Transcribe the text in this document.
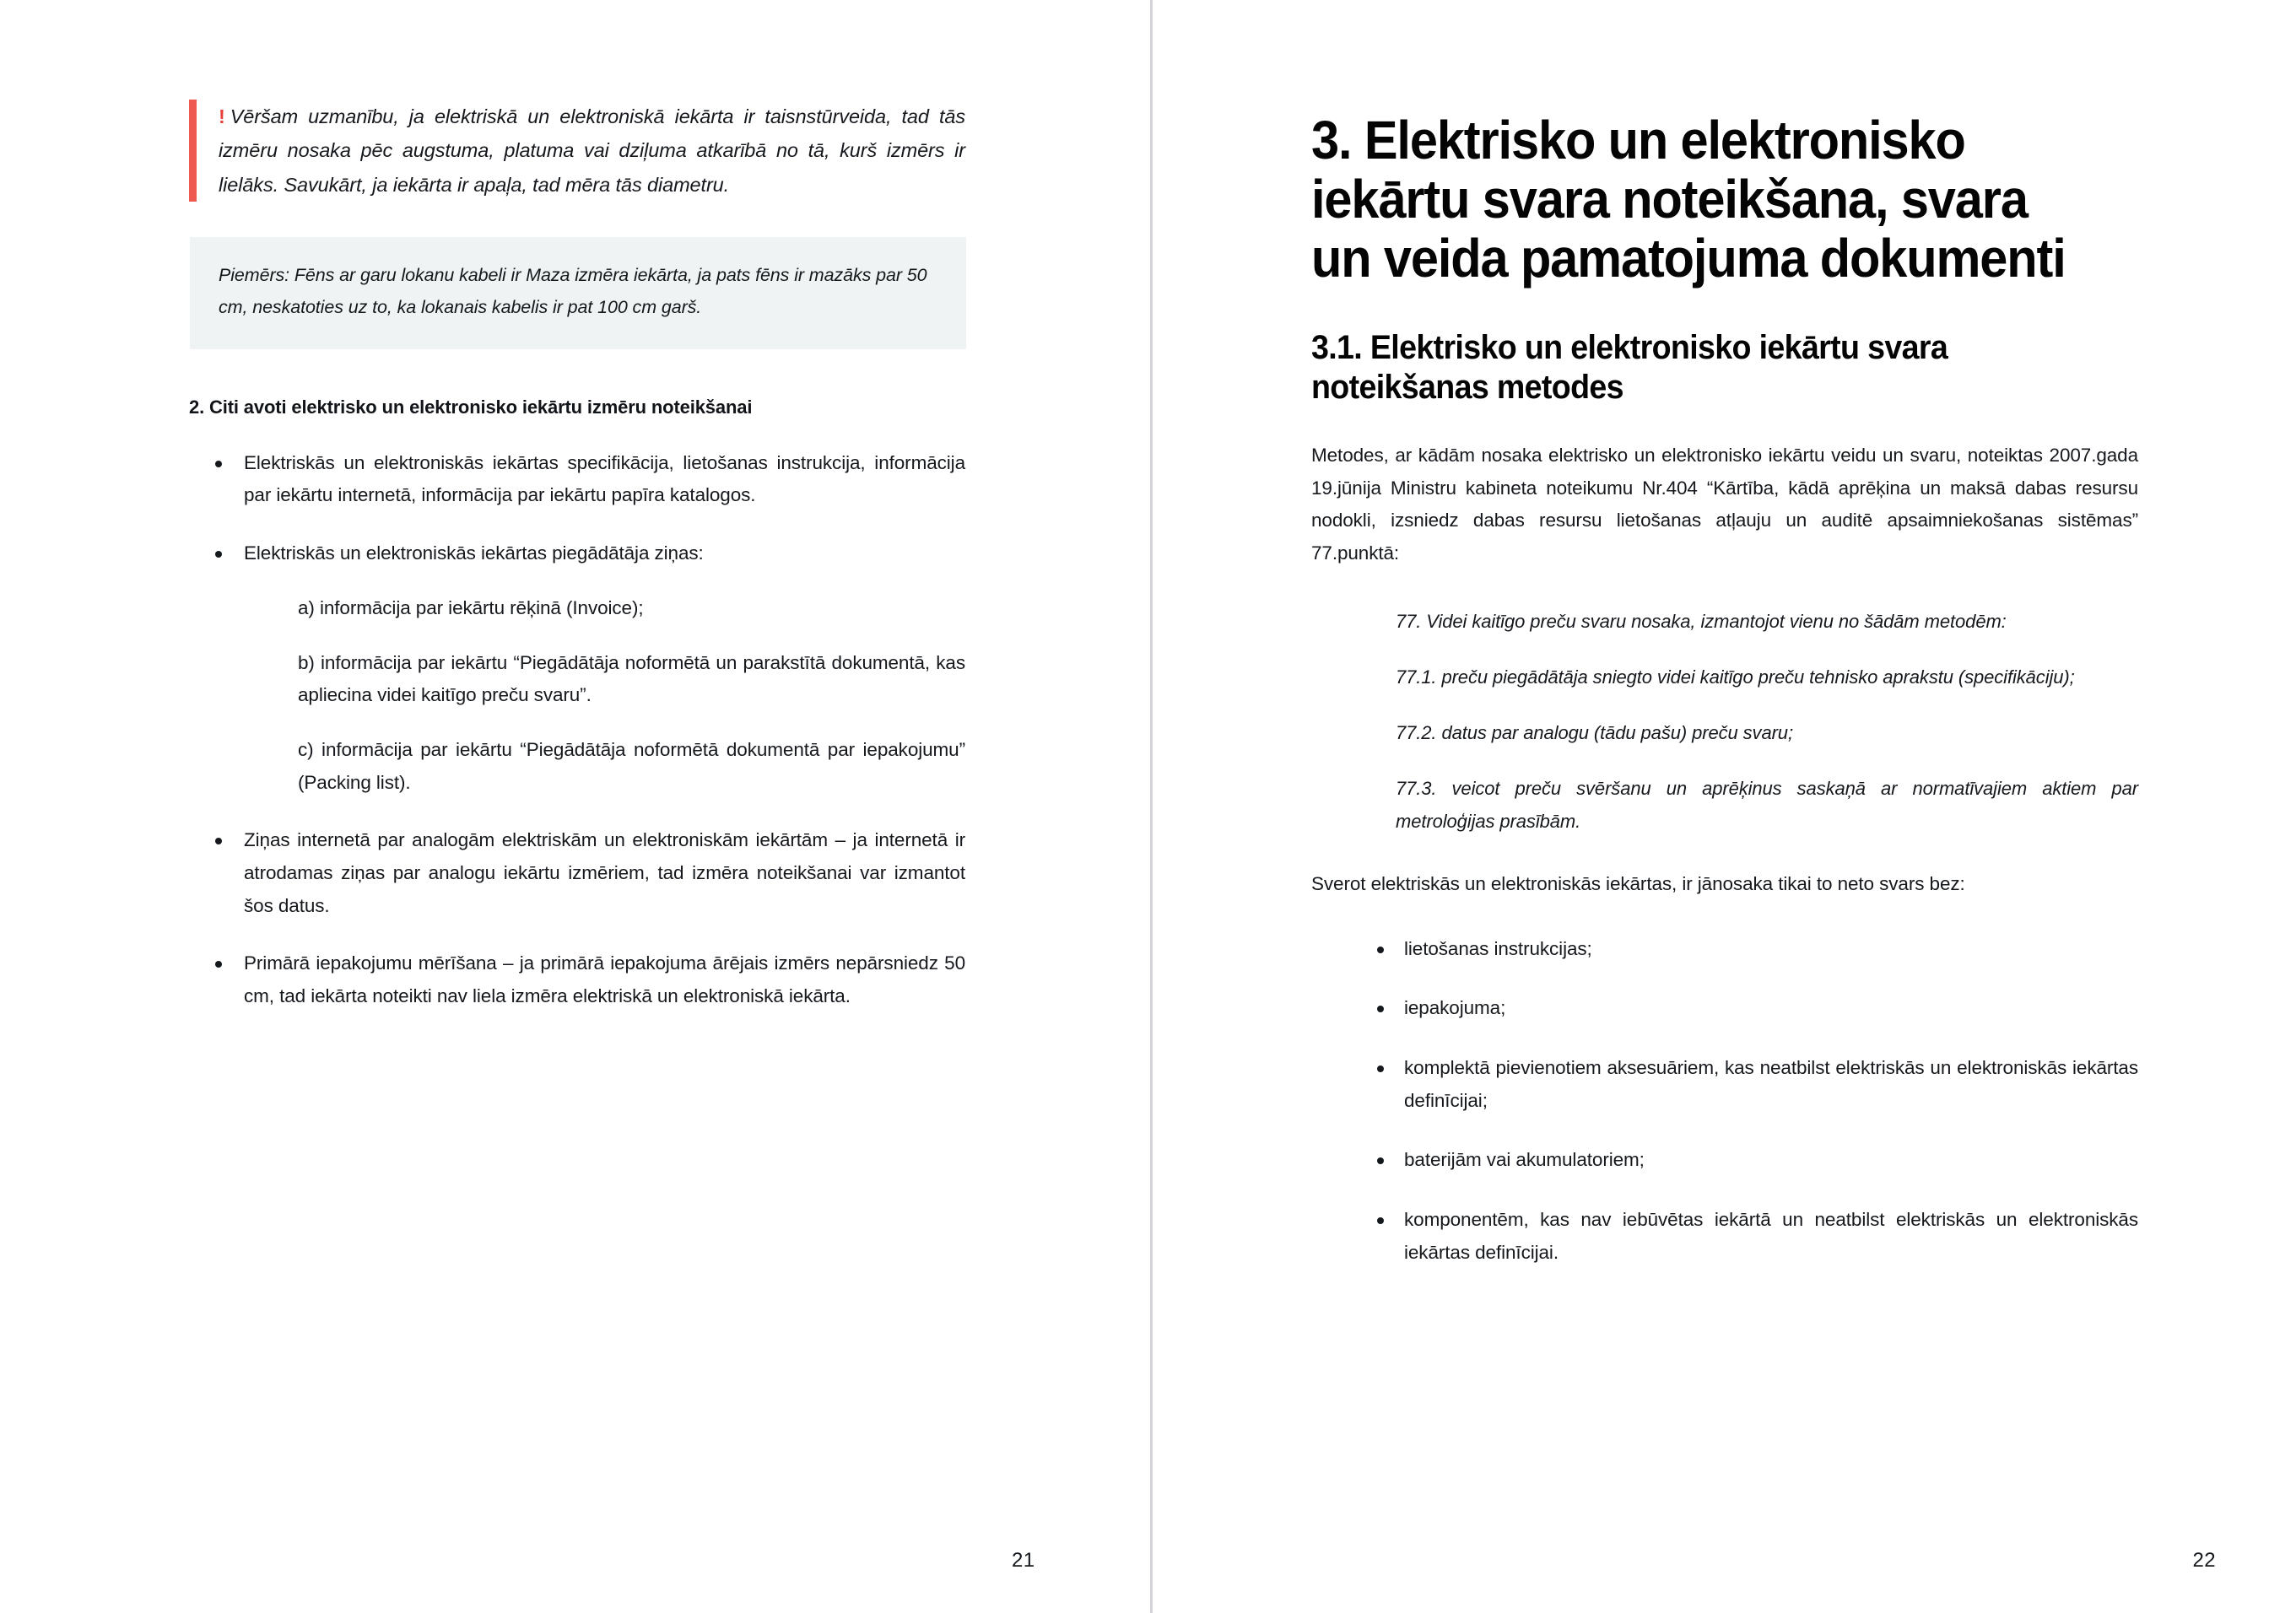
! Vēršam uzmanību, ja elektriskā un elektroniskā iekārta ir taisnstūrveida, tad tās izmēru nosaka pēc augstuma, platuma vai dziļuma atkarībā no tā, kurš izmērs ir lielāks. Savukārt, ja iekārta ir apaļa, tad mēra tās diametru.
Piemērs: Fēns ar garu lokanu kabeli ir Maza izmēra iekārta, ja pats fēns ir mazāks par 50 cm, neskatoties uz to, ka lokanais kabelis ir pat 100 cm garš.
2. Citi avoti elektrisko un elektronisko iekārtu izmēru noteikšanai
Elektriskās un elektroniskās iekārtas specifikācija, lietošanas instrukcija, informācija par iekārtu internetā, informācija par iekārtu papīra katalogos.
Elektriskās un elektroniskās iekārtas piegādātāja ziņas:
a) informācija par iekārtu rēķinā (Invoice);
b) informācija par iekārtu “Piegādātāja noformētā un parakstītā dokumentā, kas apliecina videi kaitīgo preču svaru”.
c) informācija par iekārtu “Piegādātāja noformētā dokumentā par iepakojumu” (Packing list).
Ziņas internetā par analogām elektriskām un elektroniskām iekārtām – ja internetā ir atrodamas ziņas par analogu iekārtu izmēriem, tad izmēra noteikšanai var izmantot šos datus.
Primārā iepakojumu mērīšana – ja primārā iepakojuma ārējais izmērs nepārsniedz 50 cm, tad iekārta noteikti nav liela izmēra elektriskā un elektroniskā iekārta.
21
3. Elektrisko un elektronisko iekārtu svara noteikšana, svara un veida pamatojuma dokumenti
3.1. Elektrisko un elektronisko iekārtu svara noteikšanas metodes

Metodes, ar kādām nosaka elektrisko un elektronisko iekārtu veidu un svaru, noteiktas 2007.gada 19.jūnija Ministru kabineta noteikumu Nr.404 “Kārtība, kādā aprēķina un maksā dabas resursu nodokli, izsniedz dabas resursu lietošanas atļauju un auditē apsaimniekošanas sistēmas” 77.punktā:

77. Videi kaitīgo preču svaru nosaka, izmantojot vienu no šādām metodēm:
77.1. preču piegādātāja sniegto videi kaitīgo preču tehnisko aprakstu (specifikāciju);
77.2. datus par analogu (tādu pašu) preču svaru;
77.3. veicot preču svēršanu un aprēķinus saskaņā ar normatīvajiem aktiem par metroloģijas prasībām.

Sverot elektriskās un elektroniskās iekārtas, ir jānosaka tikai to neto svars bez:

lietošanas instrukcijas;
iepakojuma;
komplektā pievienotiem aksesuāriem, kas neatbilst elektriskās un elektroniskās iekārtas definīcijai;
baterijām vai akumulatoriem;
komponentēm, kas nav iebūvētas iekārtā un neatbilst elektriskās un elektroniskās iekārtas definīcijai.
22
